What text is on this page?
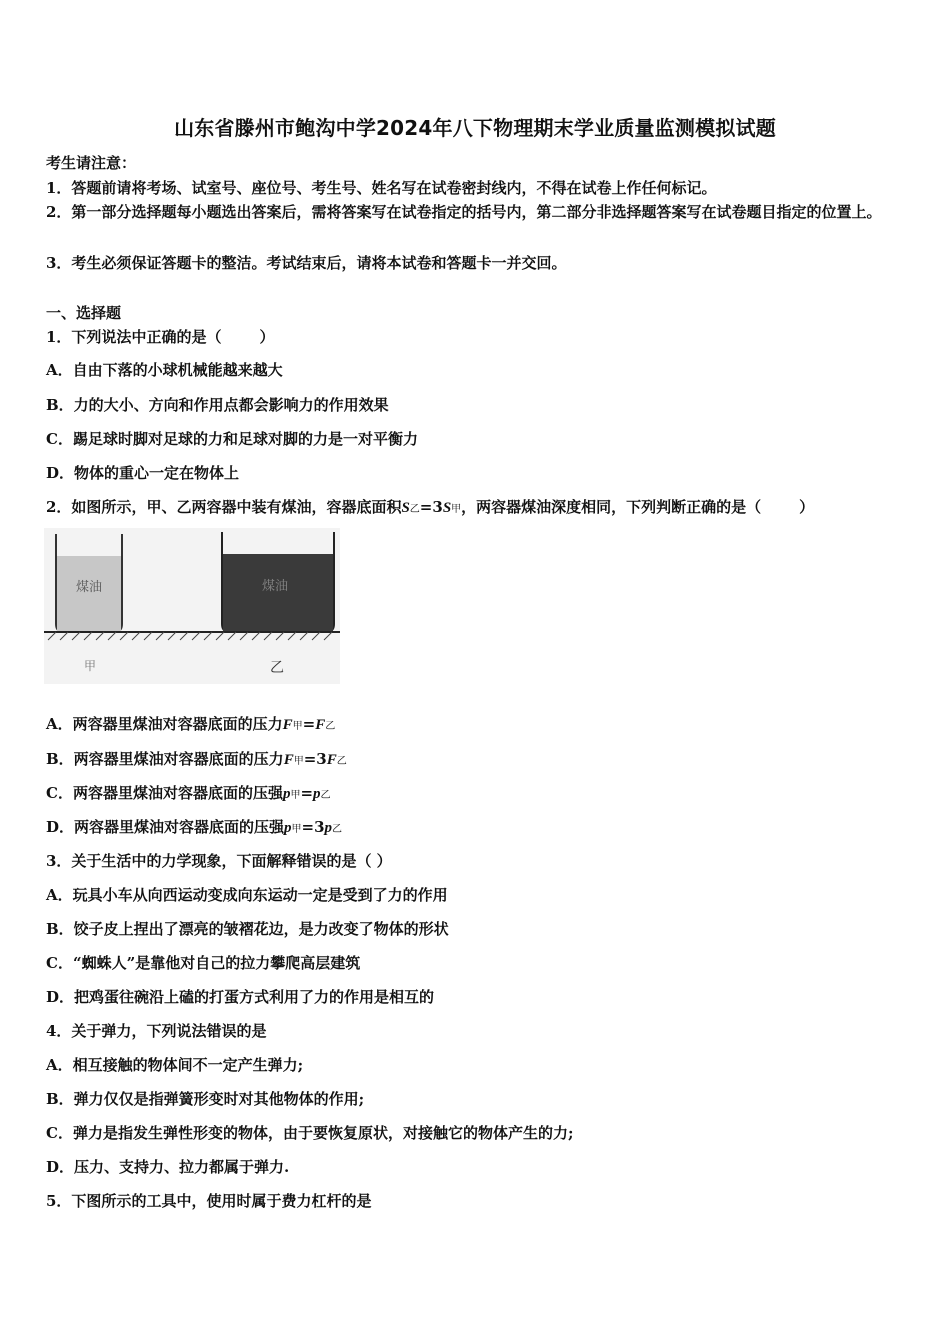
山东省滕州市鲍沟中学2024年八下物理期末学业质量监测模拟试题
考生请注意：
1．答题前请将考场、试室号、座位号、考生号、姓名写在试卷密封线内，不得在试卷上作任何标记。
2．第一部分选择题每小题选出答案后，需将答案写在试卷指定的括号内，第二部分非选择题答案写在试卷题目指定的位置上。
3．考生必须保证答题卡的整洁。考试结束后，请将本试卷和答题卡一并交回。
一、选择题
1．下列说法中正确的是（	）
A．自由下落的小球机械能越来越大
B．力的大小、方向和作用点都会影响力的作用效果
C．踢足球时脚对足球的力和足球对脚的力是一对平衡力
D．物体的重心一定在物体上
2．如图所示，甲、乙两容器中装有煤油，容器底面积S乙=3S甲，两容器煤油深度相同，下列判断正确的是（	）
煤油	煤油
甲	乙
A．两容器里煤油对容器底面的压力F甲=F乙
B．两容器里煤油对容器底面的压力F甲=3F乙
C．两容器里煤油对容器底面的压强p甲=p乙
D．两容器里煤油对容器底面的压强p甲=3p乙
3．关于生活中的力学现象，下面解释错误的是（ ）
A．玩具小车从向西运动变成向东运动一定是受到了力的作用
B．饺子皮上捏出了漂亮的皱褶花边，是力改变了物体的形状
C．“蜘蛛人”是靠他对自己的拉力攀爬高层建筑
D．把鸡蛋往碗沿上磕的打蛋方式利用了力的作用是相互的
4．关于弹力，下列说法错误的是
A．相互接触的物体间不一定产生弹力;
B．弹力仅仅是指弹簧形变时对其他物体的作用;
C．弹力是指发生弹性形变的物体，由于要恢复原状，对接触它的物体产生的力;
D．压力、支持力、拉力都属于弹力.
5．下图所示的工具中，使用时属于费力杠杆的是
